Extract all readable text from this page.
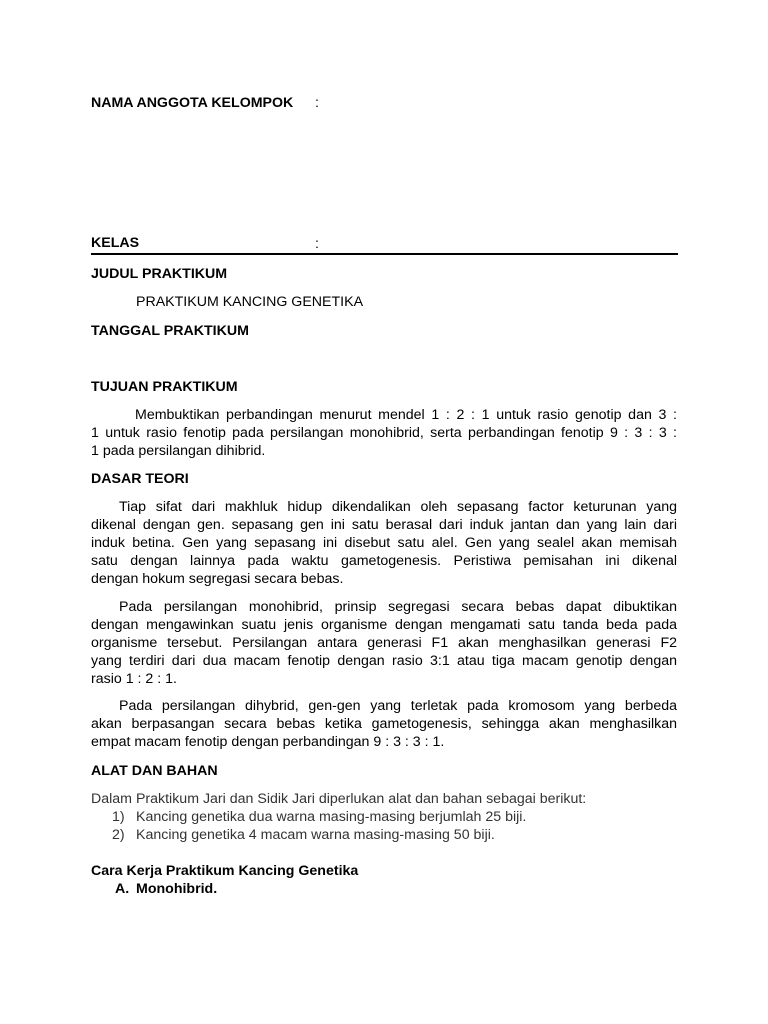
NAMA ANGGOTA KELOMPOK :
KELAS	:
JUDUL PRAKTIKUM
PRAKTIKUM KANCING GENETIKA
TANGGAL PRAKTIKUM
TUJUAN PRAKTIKUM
Membuktikan perbandingan menurut mendel 1 : 2 : 1 untuk rasio genotip dan 3 :
1 untuk rasio fenotip pada persilangan monohibrid, serta perbandingan fenotip 9 : 3 : 3 :
1 pada persilangan dihibrid.
DASAR TEORI
Tiap sifat dari makhluk hidup dikendalikan oleh sepasang factor keturunan yang
dikenal dengan gen. sepasang gen ini satu berasal dari induk jantan dan yang lain dari
induk betina. Gen yang sepasang ini disebut satu alel. Gen yang sealel akan memisah
satu dengan lainnya pada waktu gametogenesis. Peristiwa pemisahan ini dikenal
dengan hokum segregasi secara bebas.
Pada persilangan monohibrid, prinsip segregasi secara bebas dapat dibuktikan
dengan mengawinkan suatu jenis organisme dengan mengamati satu tanda beda pada
organisme tersebut. Persilangan antara generasi F1 akan menghasilkan generasi F2
yang terdiri dari dua macam fenotip dengan rasio 3:1 atau tiga macam genotip dengan
rasio 1 : 2 : 1.
Pada persilangan dihybrid, gen-gen yang terletak pada kromosom yang berbeda
akan berpasangan secara bebas ketika gametogenesis, sehingga akan menghasilkan
empat macam fenotip dengan perbandingan 9 : 3 : 3 : 1.
ALAT DAN BAHAN
Dalam Praktikum Jari dan Sidik Jari diperlukan alat dan bahan sebagai berikut:
1) Kancing genetika dua warna masing-masing berjumlah 25 biji.
2) Kancing genetika 4 macam warna masing-masing 50 biji.
Cara Kerja Praktikum Kancing Genetika
A. Monohibrid.
